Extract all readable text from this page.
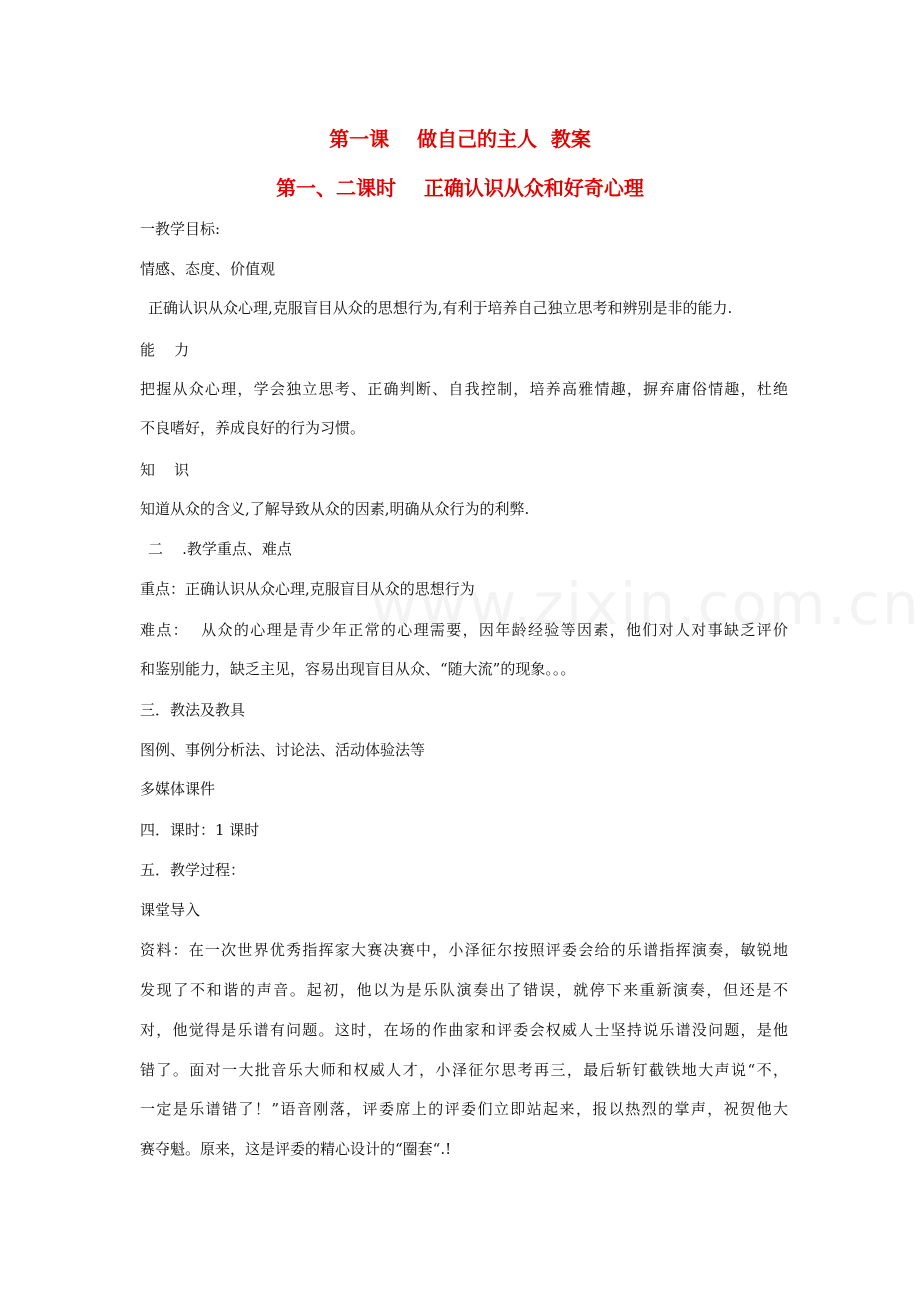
第一课    做自己的主人  教案
第一、二课时    正确认识从众和好奇心理
一教学目标:
情感、态度、价值观
正确认识从众心理,克服盲目从众的思想行为,有利于培养自己独立思考和辨别是非的能力.
能    力
把握从众心理，学会独立思考、正确判断、自我控制，培养高雅情趣，摒弃庸俗情趣，杜绝
不良嗜好，养成良好的行为习惯。
知    识
知道从众的含义,了解导致从众的因素,明确从众行为的利弊.
二    .教学重点、难点
重点：正确认识从众心理,克服盲目从众的思想行为
难点：  从众的心理是青少年正常的心理需要，因年龄经验等因素，他们对人对事缺乏评价
和鉴别能力，缺乏主见，容易出现盲目从众、“随大流”的现象。。。
三．教法及教具
图例、事例分析法、讨论法、活动体验法等
多媒体课件
四．课时：1 课时
五．教学过程：
课堂导入
资料：在一次世界优秀指挥家大赛决赛中，小泽征尔按照评委会给的乐谱指挥演奏，敏锐地
发现了不和谐的声音。起初，他以为是乐队演奏出了错误，就停下来重新演奏，但还是不
对，他觉得是乐谱有问题。这时，在场的作曲家和评委会权威人士坚持说乐谱没问题，是他
错了。面对一大批音乐大师和权威人才，小泽征尔思考再三，最后斩钉截铁地大声说“不，
一定是乐谱错了！”语音刚落，评委席上的评委们立即站起来，报以热烈的掌声，祝贺他大
赛夺魁。原来，这是评委的精心设计的“圈套“.!
